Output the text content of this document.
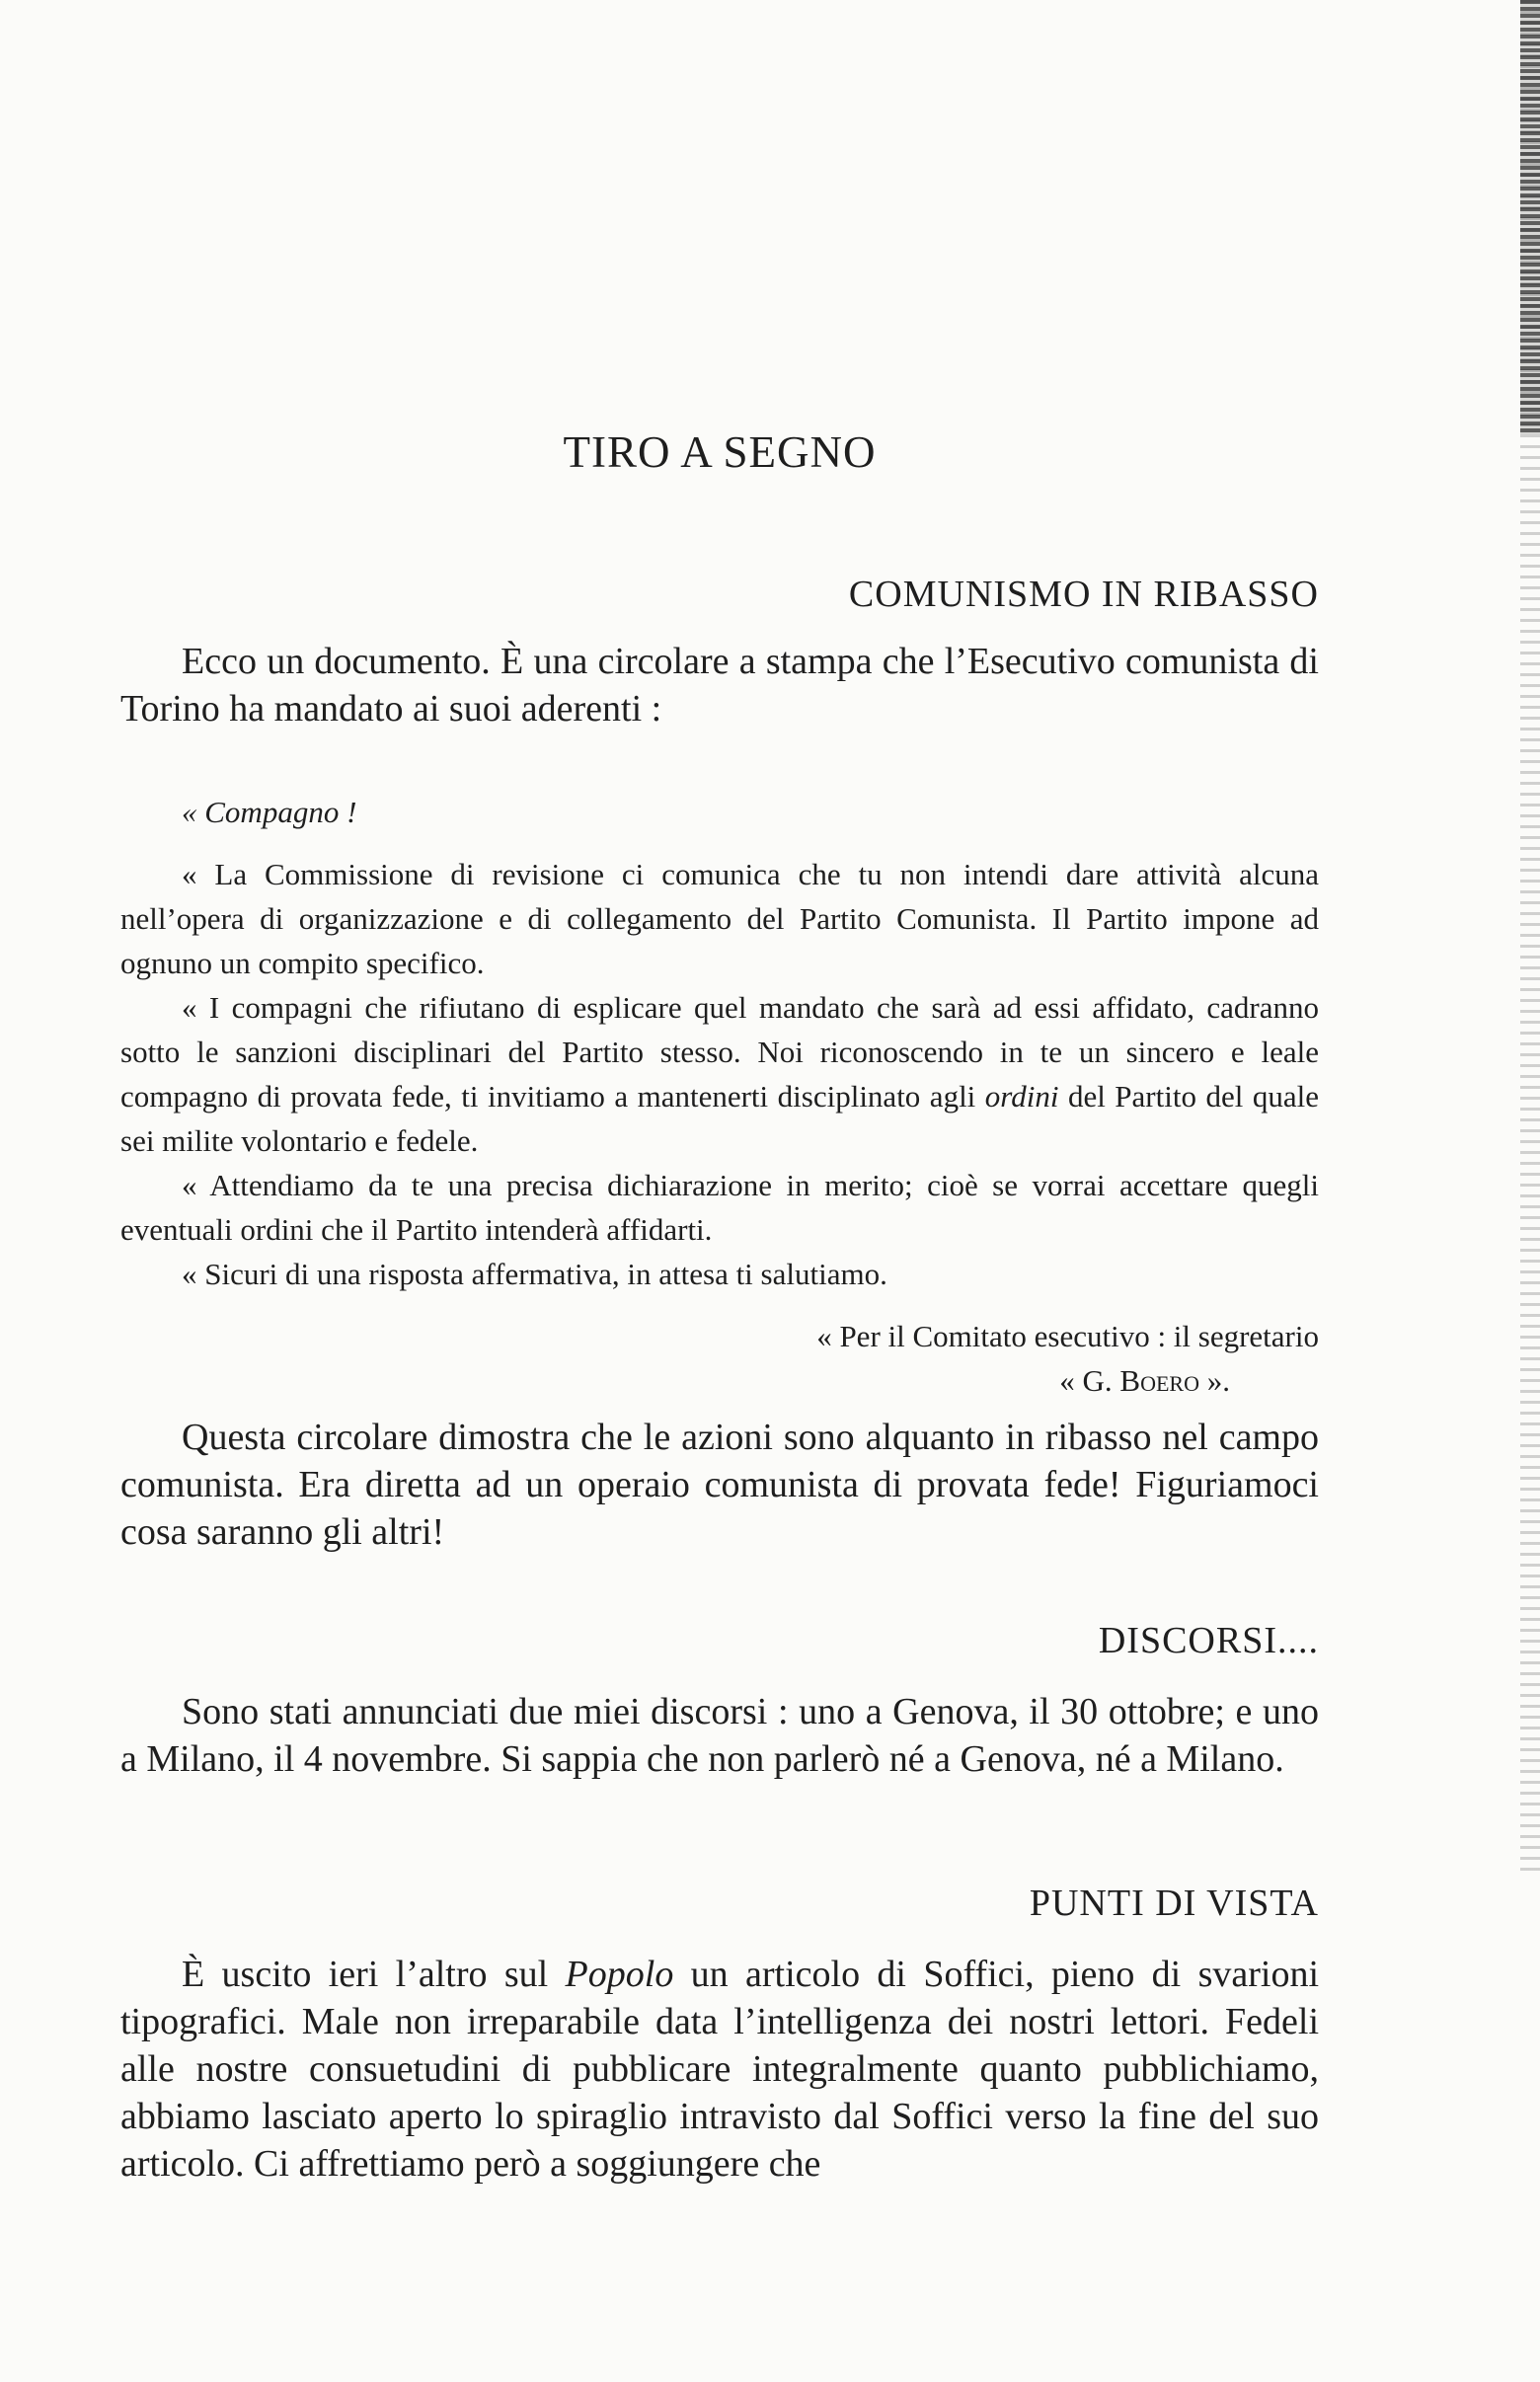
TIRO A SEGNO
COMUNISMO IN RIBASSO

Ecco un documento. È una circolare a stampa che l’Esecutivo comunista di Torino ha mandato ai suoi aderenti :

« Compagno !

« La Commissione di revisione ci comunica che tu non intendi dare attività alcuna nell’opera di organizzazione e di collegamento del Partito Comunista. Il Partito impone ad ognuno un compito specifico.

« I compagni che rifiutano di esplicare quel mandato che sarà ad essi affidato, cadranno sotto le sanzioni disciplinari del Partito stesso. Noi riconoscendo in te un sincero e leale compagno di provata fede, ti invitiamo a mantenerti disciplinato agli ordini del Partito del quale sei milite volontario e fedele.

« Attendiamo da te una precisa dichiarazione in merito; cioè se vorrai accettare quegli eventuali ordini che il Partito intenderà affidarti.

« Sicuri di una risposta affermativa, in attesa ti salutiamo.

« Per il Comitato esecutivo : il segretario

« G. Boero ».

Questa circolare dimostra che le azioni sono alquanto in ribasso nel campo comunista. Era diretta ad un operaio comunista di provata fede! Figuriamoci cosa saranno gli altri!

DISCORSI....

Sono stati annunciati due miei discorsi : uno a Genova, il 30 ottobre; e uno a Milano, il 4 novembre. Si sappia che non parlerò né a Genova, né a Milano.

PUNTI DI VISTA

È uscito ieri l’altro sul Popolo un articolo di Soffici, pieno di svarioni tipografici. Male non irreparabile data l’intelligenza dei nostri lettori. Fedeli alle nostre consuetudini di pubblicare integralmente quanto pubblichiamo, abbiamo lasciato aperto lo spiraglio intravisto dal Soffici verso la fine del suo articolo. Ci affrettiamo però a soggiungere che
